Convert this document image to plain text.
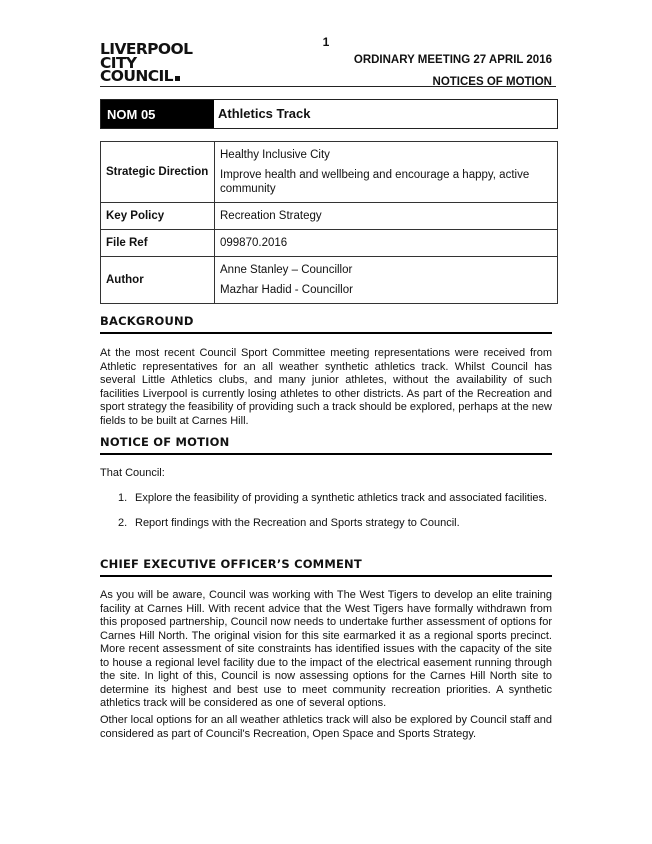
1
LIVERPOOL
CITY
COUNCIL
ORDINARY MEETING 27 APRIL 2016
NOTICES OF MOTION
NOM 05	Athletics Track
Strategic Direction	Healthy Inclusive City

Improve health and wellbeing and encourage a happy, active community

Key Policy	Recreation Strategy
File Ref	099870.2016
Author	Anne Stanley – Councillor

Mazhar Hadid - Councillor

BACKGROUND

At the most recent Council Sport Committee meeting representations were received from Athletic representatives for an all weather synthetic athletics track. Whilst Council has several Little Athletics clubs, and many junior athletes, without the availability of such facilities Liverpool is currently losing athletes to other districts. As part of the Recreation and sport strategy the feasibility of providing such a track should be explored, perhaps at the new fields to be built at Carnes Hill.

NOTICE OF MOTION

That Council:

1. Explore the feasibility of providing a synthetic athletics track and associated facilities.
2. Report findings with the Recreation and Sports strategy to Council.
CHIEF EXECUTIVE OFFICER’S COMMENT

As you will be aware, Council was working with The West Tigers to develop an elite training facility at Carnes Hill. With recent advice that the West Tigers have formally withdrawn from this proposed partnership, Council now needs to undertake further assessment of options for Carnes Hill North. The original vision for this site earmarked it as a regional sports precinct. More recent assessment of site constraints has identified issues with the capacity of the site to house a regional level facility due to the impact of the electrical easement running through the site. In light of this, Council is now assessing options for the Carnes Hill North site to determine its highest and best use to meet community recreation priorities. A synthetic athletics track will be considered as one of several options.

Other local options for an all weather athletics track will also be explored by Council staff and considered as part of Council's Recreation, Open Space and Sports Strategy.
